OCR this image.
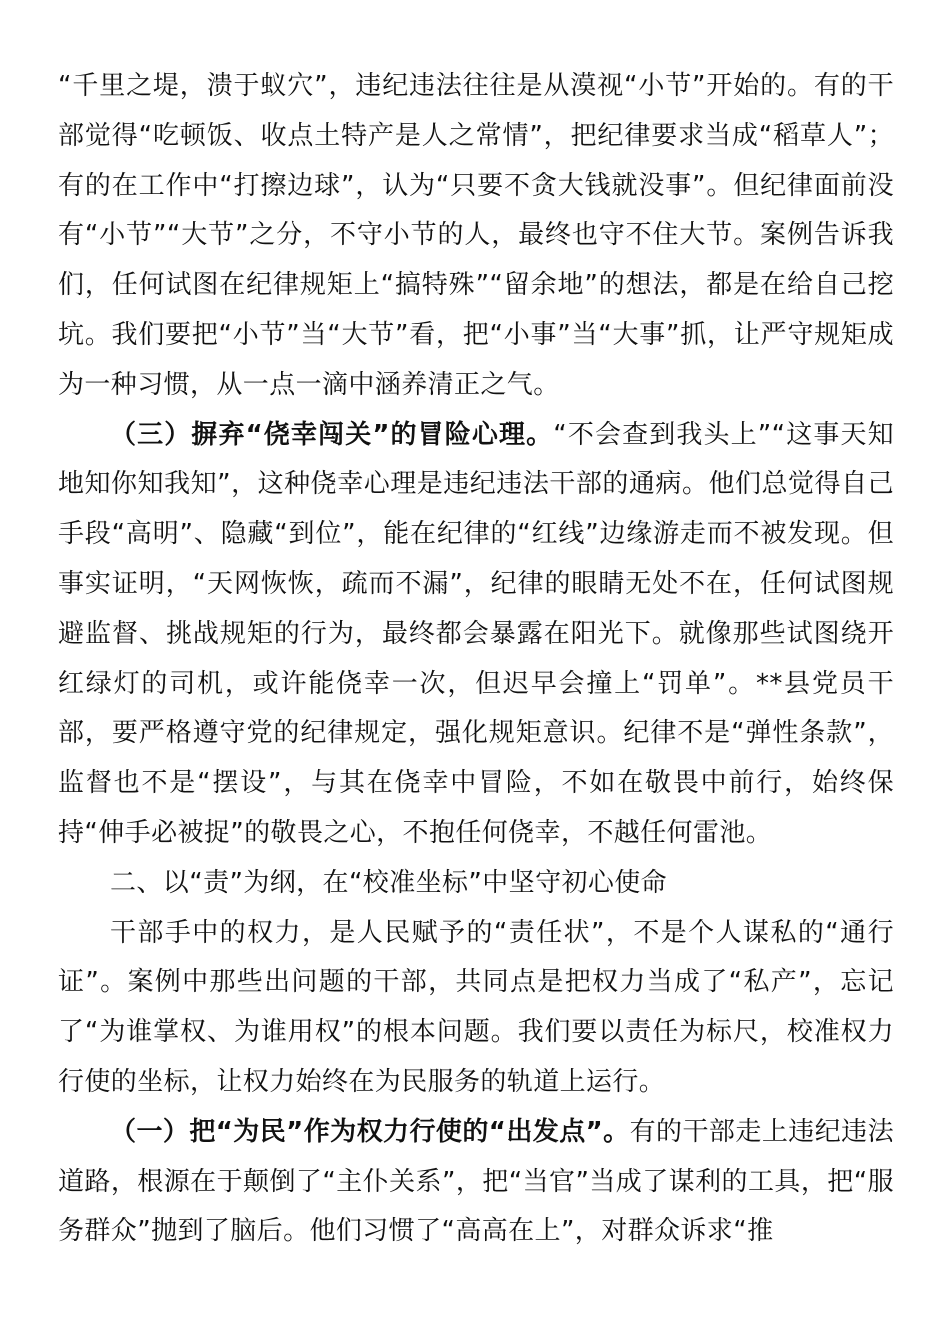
“千里之堤，溃于蚁穴”，违纪违法往往是从漠视“小节”开始的。有的干部觉得“吃顿饭、收点土特产是人之常情”，把纪律要求当成“稻草人”；有的在工作中“打擦边球”，认为“只要不贪大钱就没事”。但纪律面前没有“小节”“大节”之分，不守小节的人，最终也守不住大节。案例告诉我们，任何试图在纪律规矩上“搞特殊”“留余地”的想法，都是在给自己挖坑。我们要把“小节”当“大节”看，把“小事”当“大事”抓，让严守规矩成为一种习惯，从一点一滴中涵养清正之气。

（三）摒弃“侥幸闯关”的冒险心理。“不会查到我头上”“这事天知地知你知我知”，这种侥幸心理是违纪违法干部的通病。他们总觉得自己手段“高明”、隐藏“到位”，能在纪律的“红线”边缘游走而不被发现。但事实证明，“天网恢恢，疏而不漏”，纪律的眼睛无处不在，任何试图规避监督、挑战规矩的行为，最终都会暴露在阳光下。就像那些试图绕开红绿灯的司机，或许能侥幸一次，但迟早会撞上“罚单”。**县党员干部，要严格遵守党的纪律规定，强化规矩意识。纪律不是“弹性条款”，监督也不是“摆设”，与其在侥幸中冒险，不如在敬畏中前行，始终保持“伸手必被捉”的敬畏之心，不抱任何侥幸，不越任何雷池。

二、以“责”为纲，在“校准坐标”中坚守初心使命

干部手中的权力，是人民赋予的“责任状”，不是个人谋私的“通行证”。案例中那些出问题的干部，共同点是把权力当成了“私产”，忘记了“为谁掌权、为谁用权”的根本问题。我们要以责任为标尺，校准权力行使的坐标，让权力始终在为民服务的轨道上运行。

（一）把“为民”作为权力行使的“出发点”。有的干部走上违纪违法道路，根源在于颠倒了“主仆关系”，把“当官”当成了谋利的工具，把“服务群众”抛到了脑后。他们习惯了“高高在上”，对群众诉求“推
